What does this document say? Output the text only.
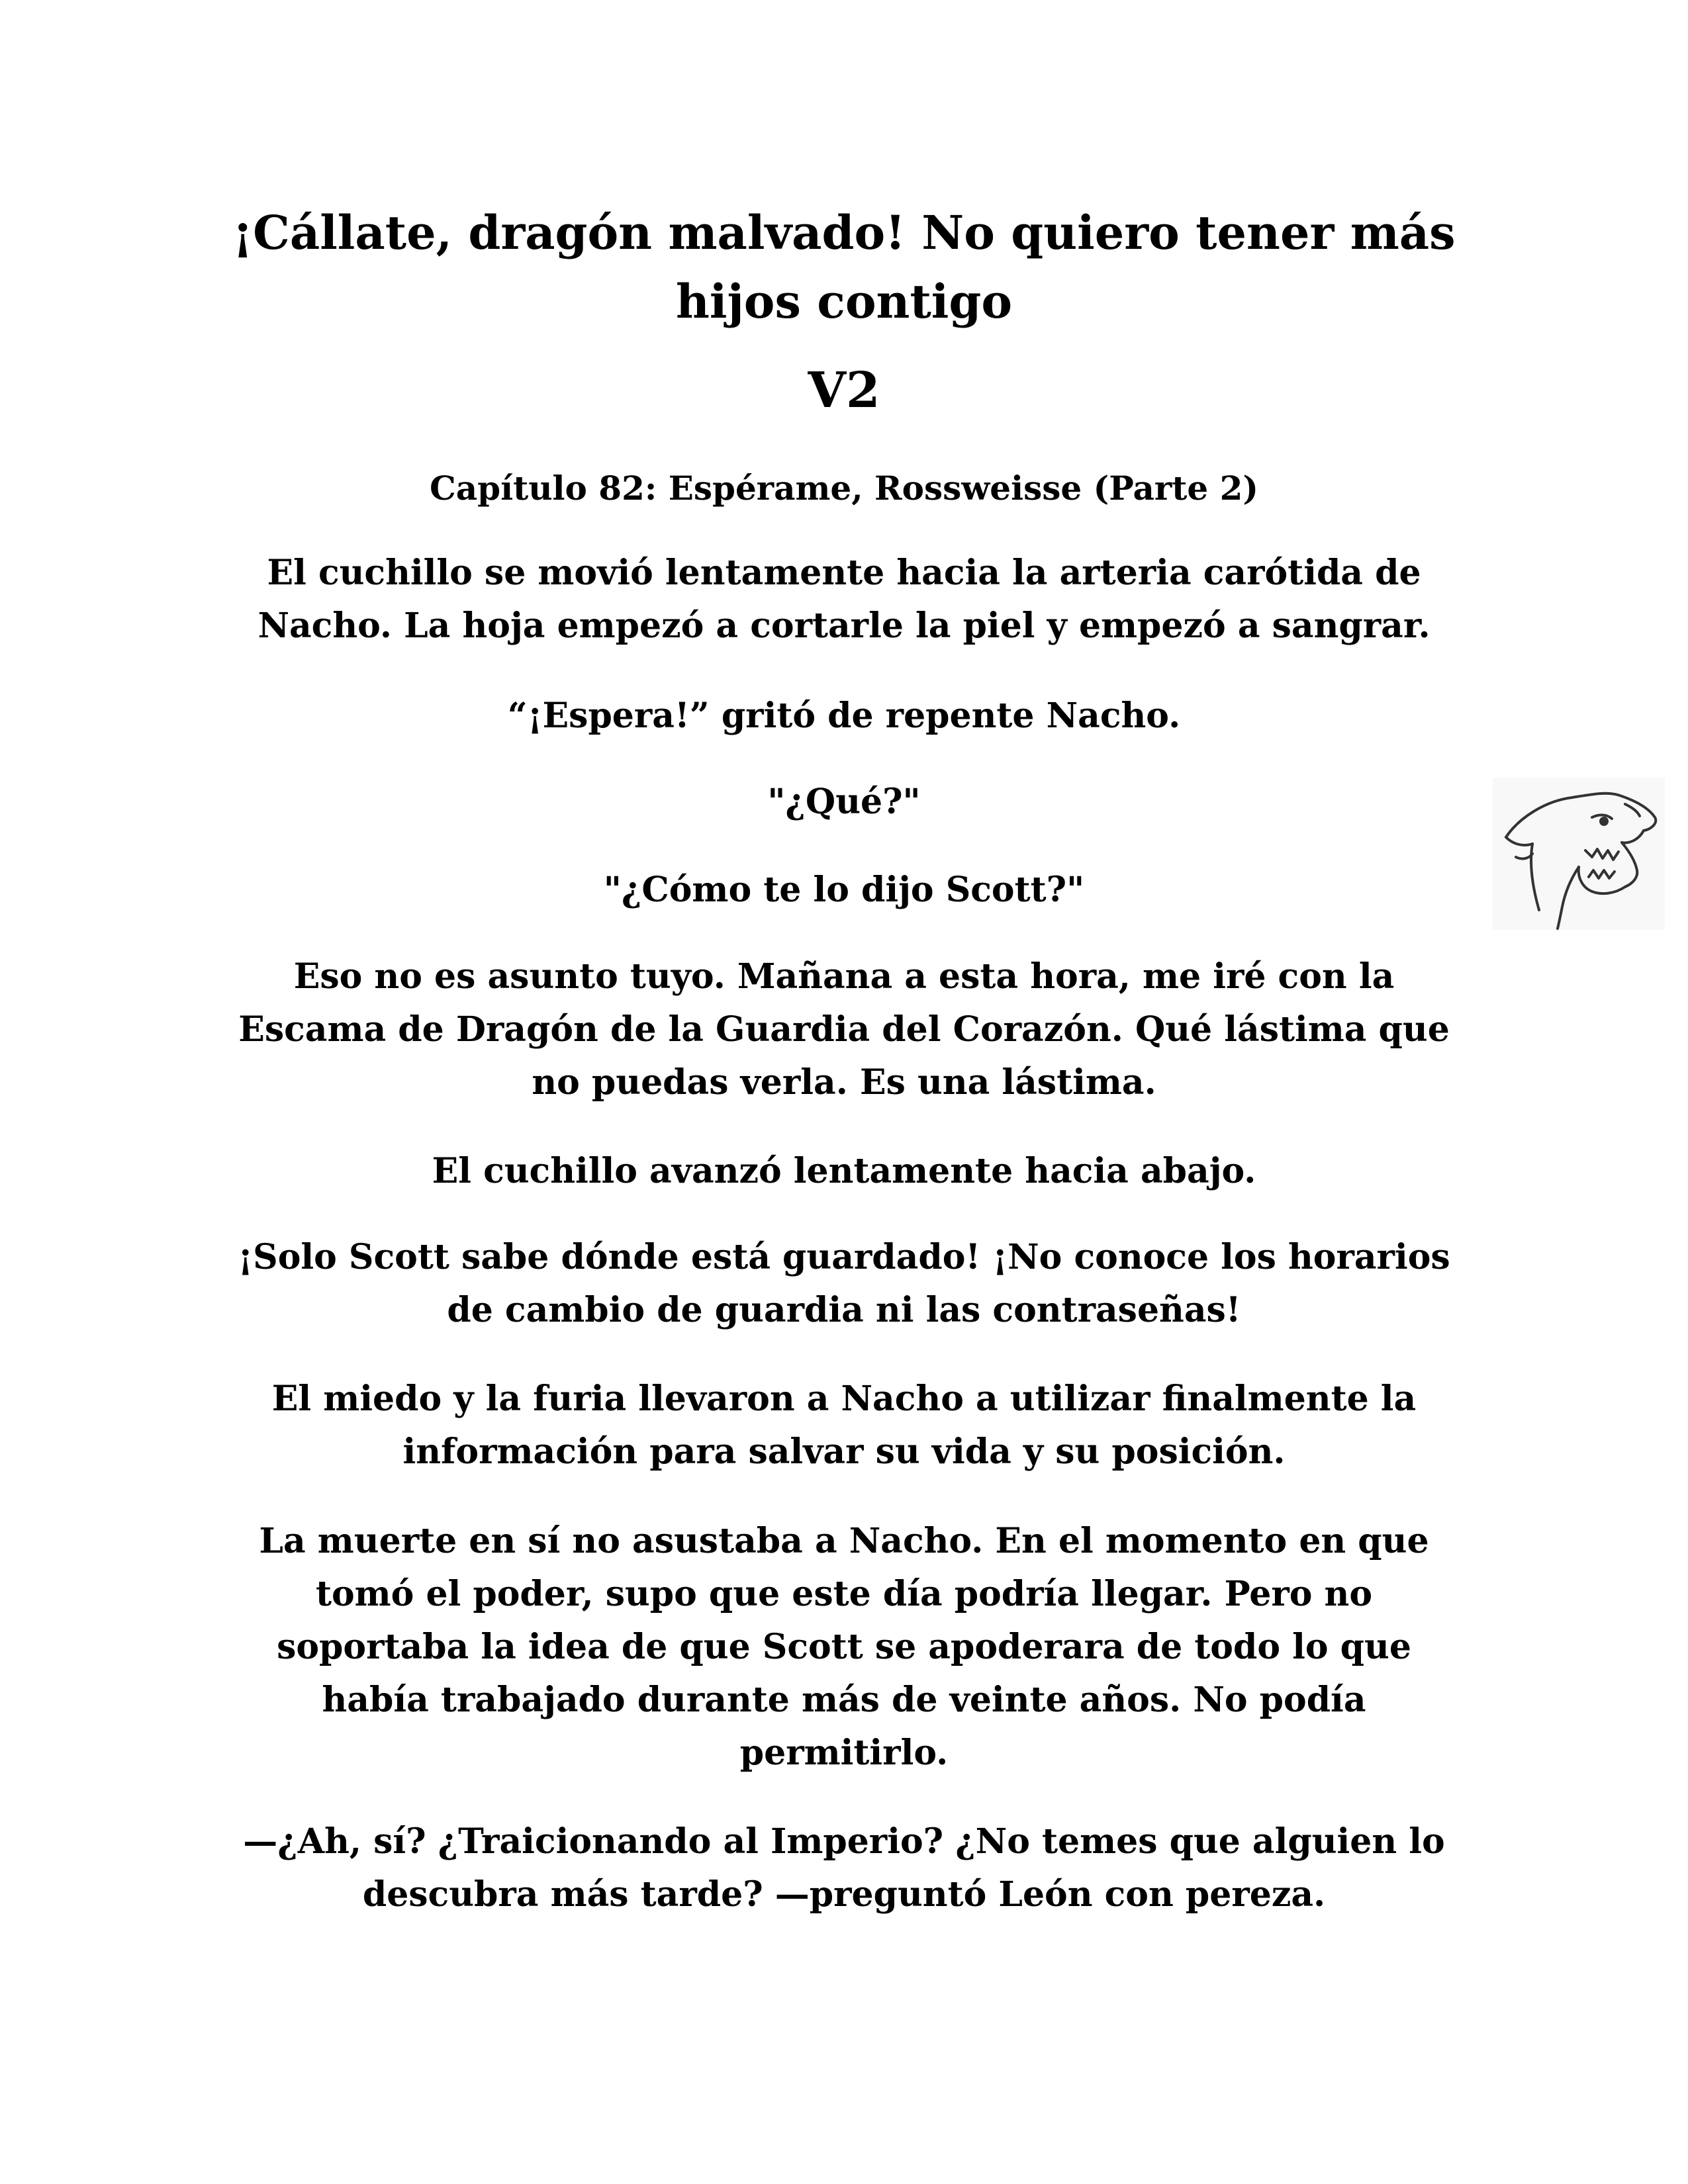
¡Cállate, dragón malvado! No quiero tener más hijos contigo
V2
Capítulo 82: Espérame, Rossweisse (Parte 2)

El cuchillo se movió lentamente hacia la arteria carótida de Nacho. La hoja empezó a cortarle la piel y empezó a sangrar.

“¡Espera!” gritó de repente Nacho.

"¿Qué?"

"¿Cómo te lo dijo Scott?"

Eso no es asunto tuyo. Mañana a esta hora, me iré con la Escama de Dragón de la Guardia del Corazón. Qué lástima que no puedas verla. Es una lástima.

El cuchillo avanzó lentamente hacia abajo.

¡Solo Scott sabe dónde está guardado! ¡No conoce los horarios de cambio de guardia ni las contraseñas!

El miedo y la furia llevaron a Nacho a utilizar finalmente la información para salvar su vida y su posición.

La muerte en sí no asustaba a Nacho. En el momento en que tomó el poder, supo que este día podría llegar. Pero no soportaba la idea de que Scott se apoderara de todo lo que había trabajado durante más de veinte años. No podía permitirlo.

—¿Ah, sí? ¿Traicionando al Imperio? ¿No temes que alguien lo descubra más tarde? —preguntó León con pereza.
